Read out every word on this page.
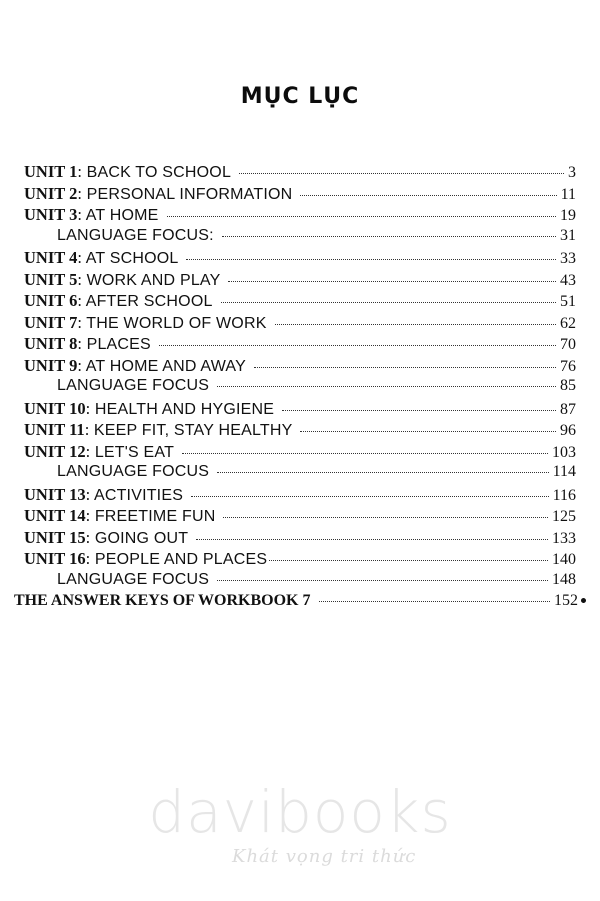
MỤC LỤC
UNIT 1: BACK TO SCHOOL	3
UNIT 2: PERSONAL INFORMATION	11
UNIT 3: AT HOME	19
LANGUAGE FOCUS:	31
UNIT 4: AT SCHOOL	33
UNIT 5: WORK AND PLAY	43
UNIT 6: AFTER SCHOOL	51
UNIT 7: THE WORLD OF WORK	62
UNIT 8: PLACES	70
UNIT 9: AT HOME AND AWAY	76
LANGUAGE FOCUS	85
UNIT 10: HEALTH AND HYGIENE	87
UNIT 11: KEEP FIT, STAY HEALTHY	96
UNIT 12: LET'S EAT	103
LANGUAGE FOCUS	114
UNIT 13: ACTIVITIES	116
UNIT 14: FREETIME FUN	125
UNIT 15: GOING OUT	133
UNIT 16: PEOPLE AND PLACES	140
LANGUAGE FOCUS	148
THE ANSWER KEYS OF WORKBOOK 7	152
davibooks
Khát vọng tri thức
